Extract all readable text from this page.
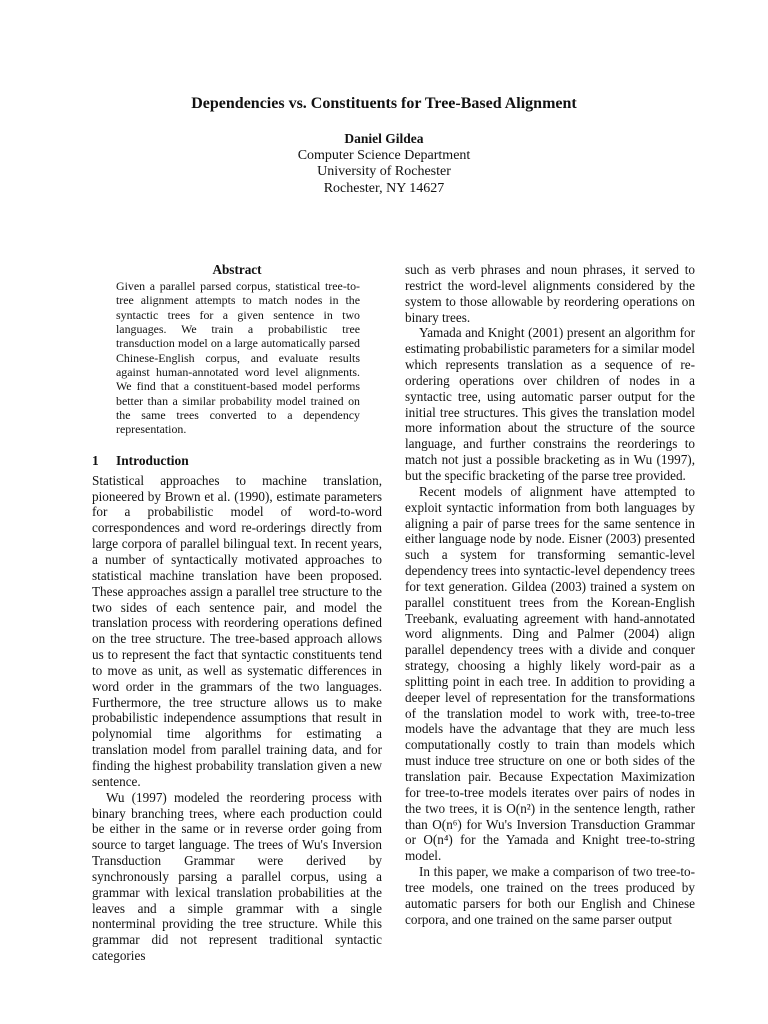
Dependencies vs. Constituents for Tree-Based Alignment
Daniel Gildea
Computer Science Department
University of Rochester
Rochester, NY 14627
Abstract
Given a parallel parsed corpus, statistical tree-to-tree alignment attempts to match nodes in the syntactic trees for a given sentence in two languages. We train a probabilistic tree transduction model on a large automatically parsed Chinese-English corpus, and evaluate results against human-annotated word level alignments. We find that a constituent-based model performs better than a similar probability model trained on the same trees converted to a dependency representation.
1 Introduction

Statistical approaches to machine translation, pioneered by Brown et al. (1990), estimate parameters for a probabilistic model of word-to-word correspondences and word re-orderings directly from large corpora of parallel bilingual text. In recent years, a number of syntactically motivated approaches to statistical machine translation have been proposed. These approaches assign a parallel tree structure to the two sides of each sentence pair, and model the translation process with reordering operations defined on the tree structure. The tree-based approach allows us to represent the fact that syntactic constituents tend to move as unit, as well as systematic differences in word order in the grammars of the two languages. Furthermore, the tree structure allows us to make probabilistic independence assumptions that result in polynomial time algorithms for estimating a translation model from parallel training data, and for finding the highest probability translation given a new sentence.

Wu (1997) modeled the reordering process with binary branching trees, where each production could be either in the same or in reverse order going from source to target language. The trees of Wu's Inversion Transduction Grammar were derived by synchronously parsing a parallel corpus, using a grammar with lexical translation probabilities at the leaves and a simple grammar with a single nonterminal providing the tree structure. While this grammar did not represent traditional syntactic categories

such as verb phrases and noun phrases, it served to restrict the word-level alignments considered by the system to those allowable by reordering operations on binary trees.

Yamada and Knight (2001) present an algorithm for estimating probabilistic parameters for a similar model which represents translation as a sequence of re-ordering operations over children of nodes in a syntactic tree, using automatic parser output for the initial tree structures. This gives the translation model more information about the structure of the source language, and further constrains the reorderings to match not just a possible bracketing as in Wu (1997), but the specific bracketing of the parse tree provided.

Recent models of alignment have attempted to exploit syntactic information from both languages by aligning a pair of parse trees for the same sentence in either language node by node. Eisner (2003) presented such a system for transforming semantic-level dependency trees into syntactic-level dependency trees for text generation. Gildea (2003) trained a system on parallel constituent trees from the Korean-English Treebank, evaluating agreement with hand-annotated word alignments. Ding and Palmer (2004) align parallel dependency trees with a divide and conquer strategy, choosing a highly likely word-pair as a splitting point in each tree. In addition to providing a deeper level of representation for the transformations of the translation model to work with, tree-to-tree models have the advantage that they are much less computationally costly to train than models which must induce tree structure on one or both sides of the translation pair. Because Expectation Maximization for tree-to-tree models iterates over pairs of nodes in the two trees, it is O(n²) in the sentence length, rather than O(n⁶) for Wu's Inversion Transduction Grammar or O(n⁴) for the Yamada and Knight tree-to-string model.

In this paper, we make a comparison of two tree-to-tree models, one trained on the trees produced by automatic parsers for both our English and Chinese corpora, and one trained on the same parser output
